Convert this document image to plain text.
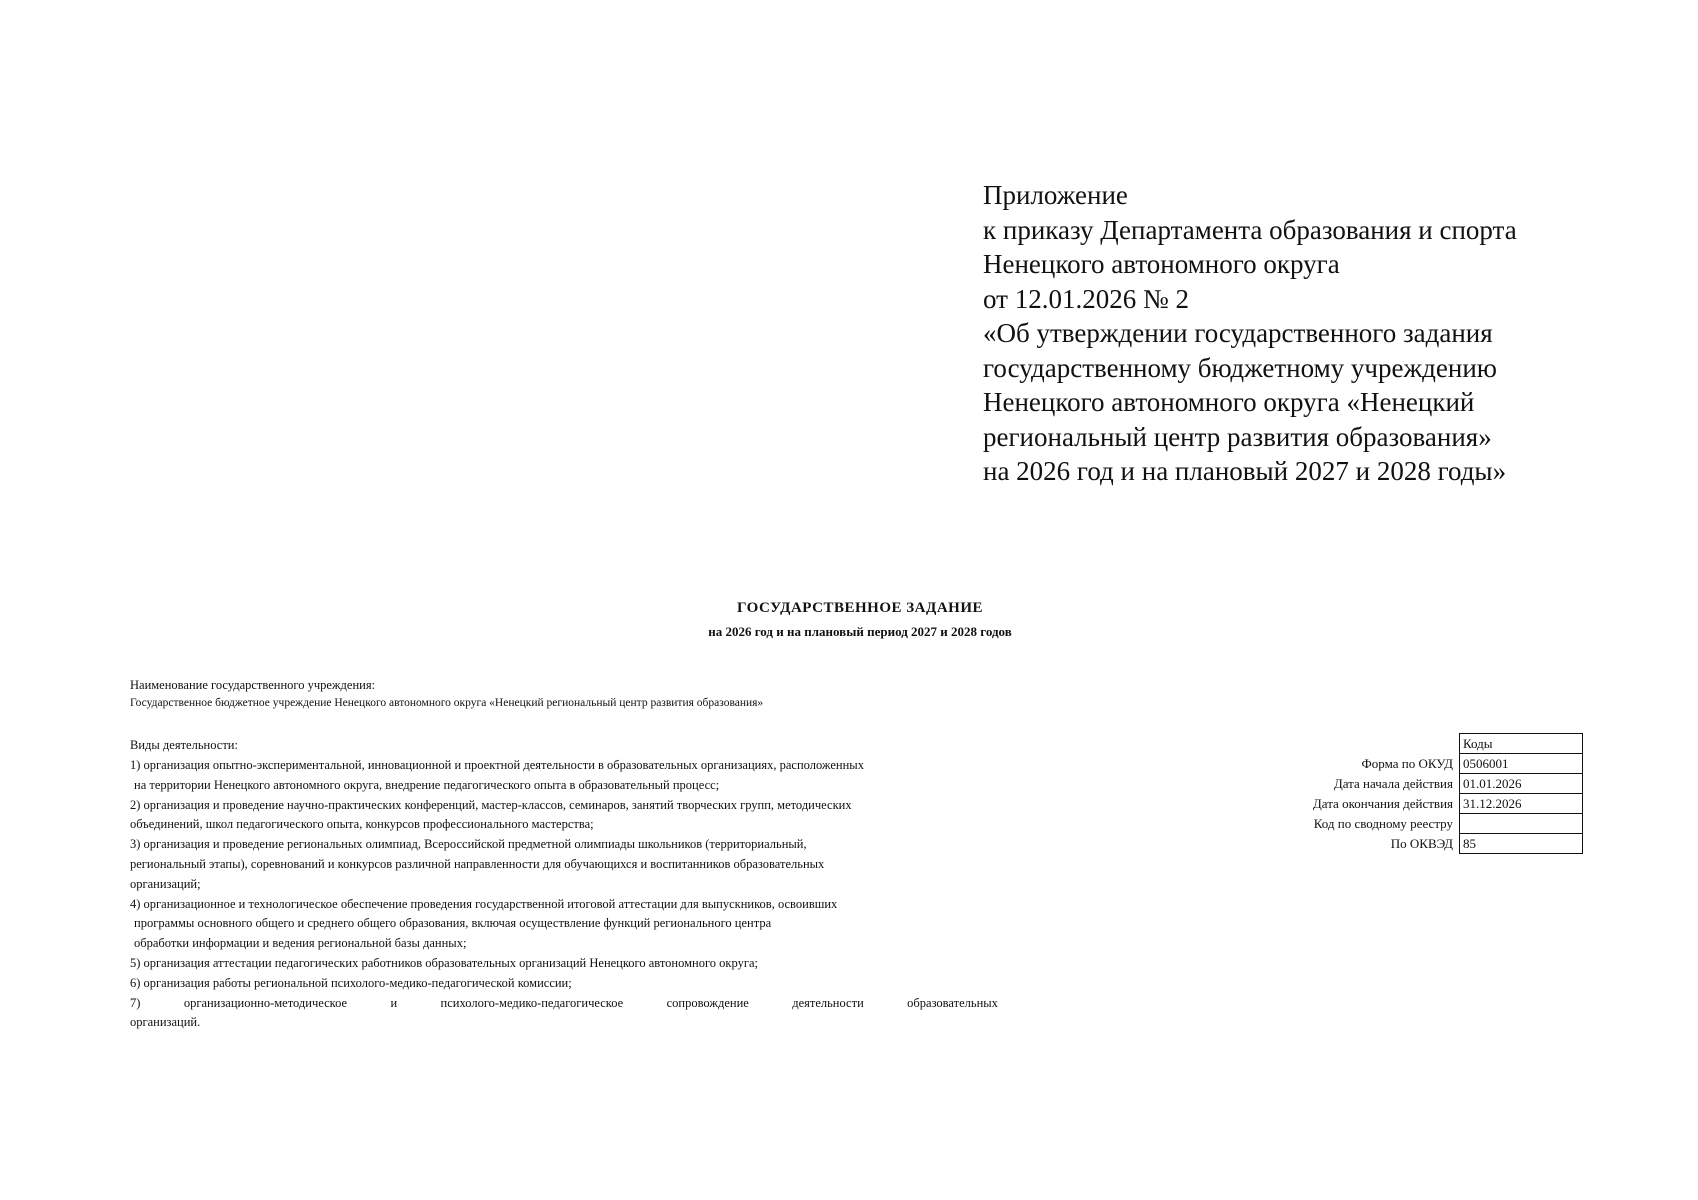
Приложение
к приказу Департамента образования и спорта
Ненецкого автономного округа
от 12.01.2026 № 2
«Об утверждении государственного задания
государственному бюджетному учреждению
Ненецкого автономного округа «Ненецкий
региональный центр развития образования»
на 2026 год и на плановый 2027 и 2028 годы»
ГОСУДАРСТВЕННОЕ ЗАДАНИЕ
на 2026 год и на плановый период 2027 и 2028 годов
Наименование государственного учреждения:
Государственное бюджетное учреждение Ненецкого автономного округа «Ненецкий региональный центр развития образования»
Виды деятельности:
1) организация опытно-экспериментальной, инновационной и проектной деятельности в образовательных организациях, расположенных
на территории Ненецкого автономного округа, внедрение педагогического опыта в образовательный процесс;
2) организация и проведение научно-практических конференций, мастер-классов, семинаров, занятий творческих групп, методических
объединений, школ педагогического опыта, конкурсов профессионального мастерства;
3) организация и проведение региональных олимпиад, Всероссийской предметной олимпиады школьников (территориальный,
региональный этапы), соревнований и конкурсов различной направленности для обучающихся и воспитанников образовательных
организаций;
4) организационное и технологическое обеспечение проведения государственной итоговой аттестации для выпускников, освоивших
программы основного общего и среднего общего образования, включая осуществление функций регионального центра
обработки информации и ведения региональной базы данных;
5) организация аттестации педагогических работников образовательных организаций Ненецкого автономного округа;
6) организация работы региональной психолого-медико-педагогической комиссии;
7)	организационно-методическое	и	психолого-медико-педагогическое	сопровождение	деятельности	образовательных
организаций.
	Коды
Форма по ОКУД	0506001
Дата начала действия	01.01.2026
Дата окончания действия	31.12.2026
Код по сводному реестру	
По ОКВЭД	85
